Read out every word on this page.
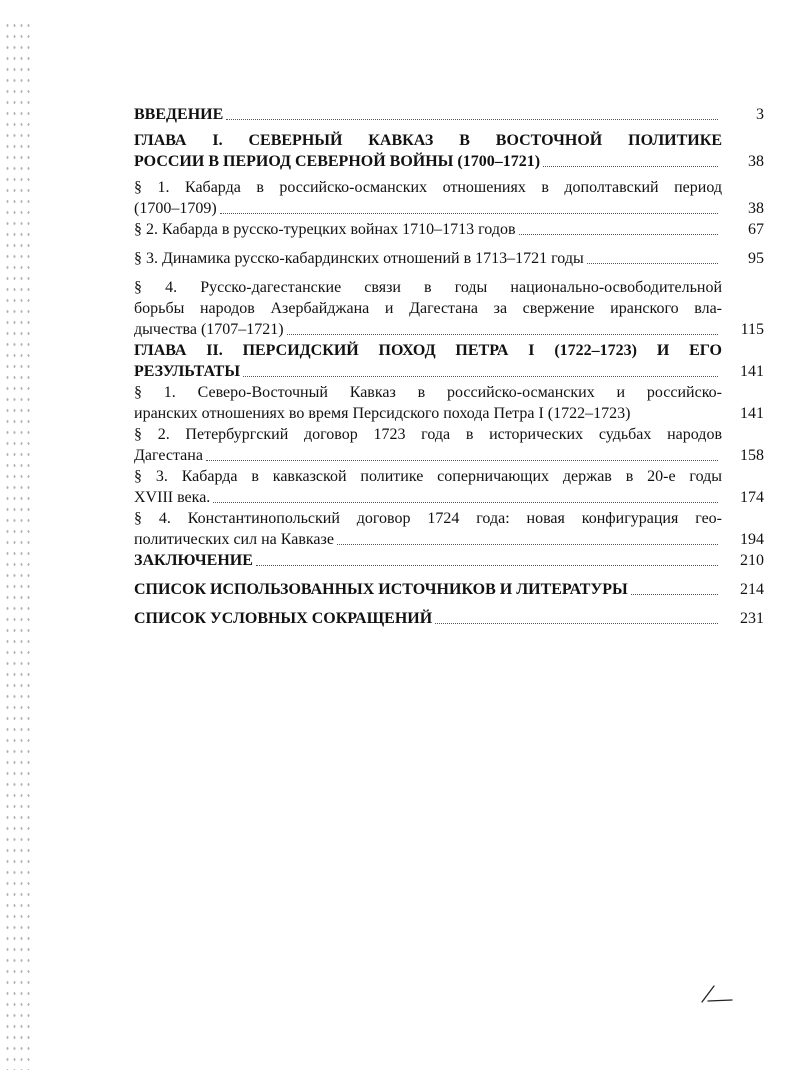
ВВЕДЕНИЕ	3
ГЛАВА I. СЕВЕРНЫЙ КАВКАЗ В ВОСТОЧНОЙ ПОЛИТИКЕ
РОССИИ В ПЕРИОД СЕВЕРНОЙ ВОЙНЫ (1700–1721)	38
§ 1. Кабарда в российско-османских отношениях в дополтавский период
(1700–1709)	38
§ 2. Кабарда в русско-турецких войнах 1710–1713 годов	67
§ 3. Динамика русско-кабардинских отношений в 1713–1721 годы	95
§ 4. Русско-дагестанские связи в годы национально-освободительной
борьбы народов Азербайджана и Дагестана за свержение иранского вла-
дычества (1707–1721)	115
ГЛАВА II. ПЕРСИДСКИЙ ПОХОД ПЕТРА I (1722–1723) И ЕГО
РЕЗУЛЬТАТЫ	141
§ 1. Северо-Восточный Кавказ в российско-османских и российско-
иранских отношениях во время Персидского похода Петра I (1722–1723)	141
§ 2. Петербургский договор 1723 года в исторических судьбах народов
Дагестана	158
§ 3. Кабарда в кавказской политике соперничающих держав в 20-е годы
XVIII века.	174
§ 4. Константинопольский договор 1724 года: новая конфигурация гео-
политических сил на Кавказе	194
ЗАКЛЮЧЕНИЕ	210
СПИСОК ИСПОЛЬЗОВАННЫХ ИСТОЧНИКОВ И ЛИТЕРАТУРЫ	214
СПИСОК УСЛОВНЫХ СОКРАЩЕНИЙ	231
